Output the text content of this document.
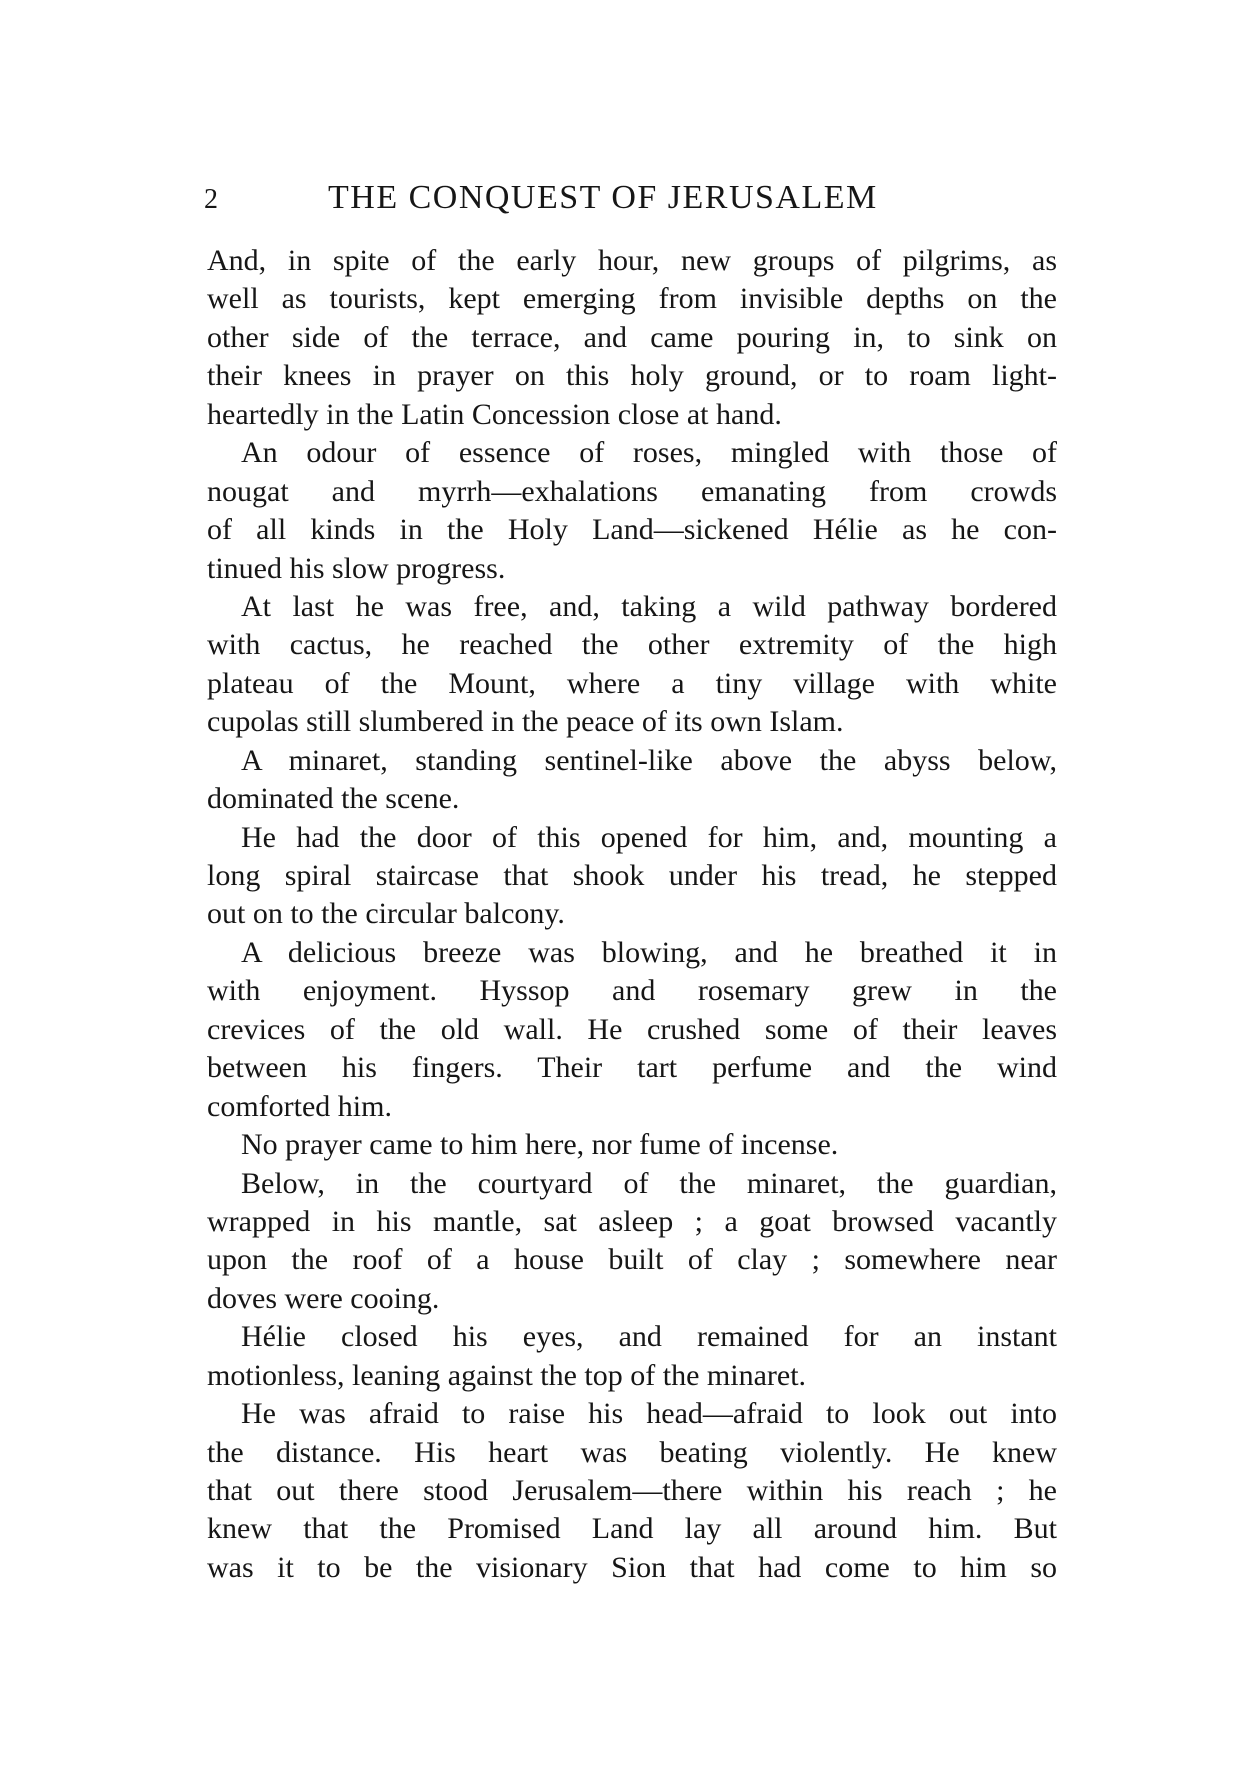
2	THE CONQUEST OF JERUSALEM
And, in spite of the early hour, new groups of pilgrims, as
well as tourists, kept emerging from invisible depths on the
other side of the terrace, and came pouring in, to sink on
their knees in prayer on this holy ground, or to roam light-
heartedly in the Latin Concession close at hand.
An odour of essence of roses, mingled with those of
nougat and myrrh—exhalations emanating from crowds
of all kinds in the Holy Land—sickened Hélie as he con-
tinued his slow progress.
At last he was free, and, taking a wild pathway bordered
with cactus, he reached the other extremity of the high
plateau of the Mount, where a tiny village with white
cupolas still slumbered in the peace of its own Islam.
A minaret, standing sentinel-like above the abyss below,
dominated the scene.
He had the door of this opened for him, and, mounting a
long spiral staircase that shook under his tread, he stepped
out on to the circular balcony.
A delicious breeze was blowing, and he breathed it in
with enjoyment. Hyssop and rosemary grew in the
crevices of the old wall. He crushed some of their leaves
between his fingers. Their tart perfume and the wind
comforted him.
No prayer came to him here, nor fume of incense.
Below, in the courtyard of the minaret, the guardian,
wrapped in his mantle, sat asleep ; a goat browsed vacantly
upon the roof of a house built of clay ; somewhere near
doves were cooing.
Hélie closed his eyes, and remained for an instant
motionless, leaning against the top of the minaret.
He was afraid to raise his head—afraid to look out into
the distance. His heart was beating violently. He knew
that out there stood Jerusalem—there within his reach ; he
knew that the Promised Land lay all around him. But
was it to be the visionary Sion that had come to him so
